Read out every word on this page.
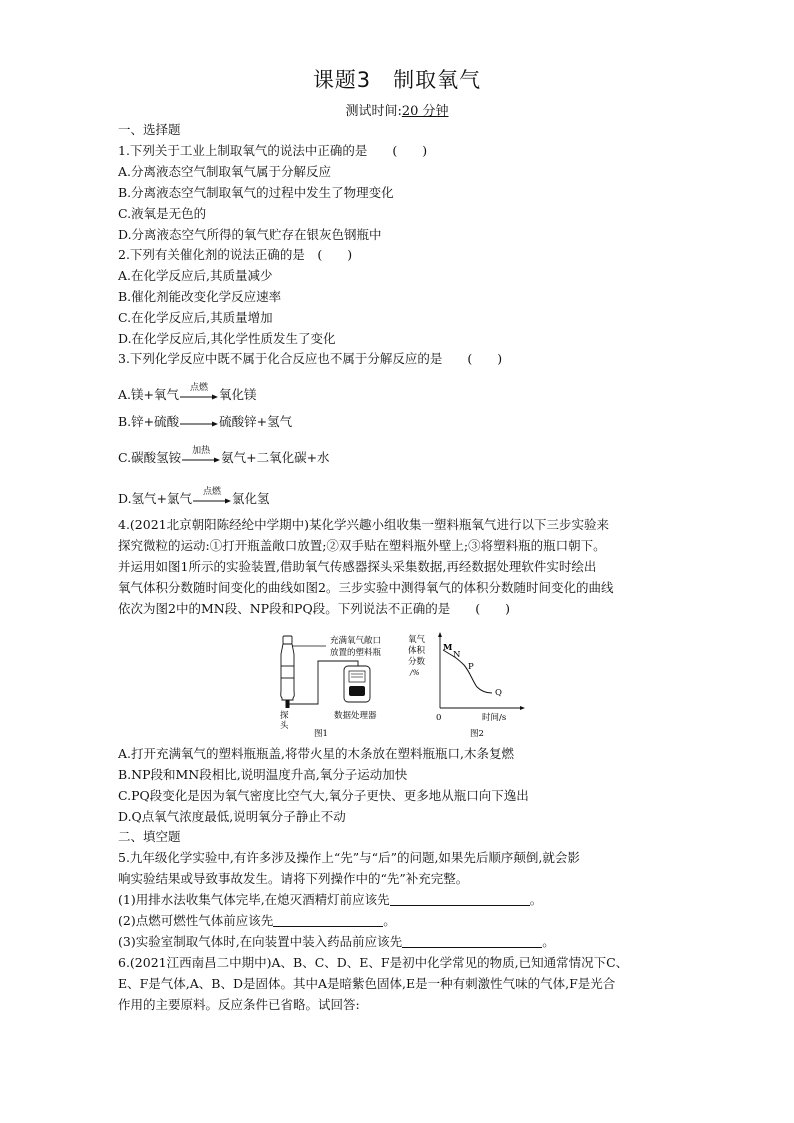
课题3　制取氧气
测试时间:20 分钟
一、选择题
1.下列关于工业上制取氧气的说法中正确的是　　(　　)
A.分离液态空气制取氧气属于分解反应
B.分离液态空气制取氧气的过程中发生了物理变化
C.液氧是无色的
D.分离液态空气所得的氧气贮存在银灰色钢瓶中
2.下列有关催化剂的说法正确的是　(　　)
A.在化学反应后,其质量减少
B.催化剂能改变化学反应速率
C.在化学反应后,其质量增加
D.在化学反应后,其化学性质发生了变化
3.下列化学反应中既不属于化合反应也不属于分解反应的是　　(　　)
A.镁+氧气	点燃 氧化镁
B.锌+硫酸→硫酸锌+氢气
C.碳酸氢铵	加热 氨气+二氧化碳+水
D.氢气+氯气	点燃 氯化氢
4.(2021北京朝阳陈经纶中学期中)某化学兴趣小组收集一塑料瓶氧气进行以下三步实验来
探究微粒的运动:①打开瓶盖敞口放置;②双手贴在塑料瓶外壁上;③将塑料瓶的瓶口朝下。
并运用如图1所示的实验装置,借助氧气传感器探头采集数据,再经数据处理软件实时绘出
氧气体积分数随时间变化的曲线如图2。三步实验中测得氧气的体积分数随时间变化的曲线
依次为图2中的MN段、NP段和PQ段。下列说法不正确的是　　(　　)
充满氧气敞口
放置的塑料瓶
探
头
数据处理器
图1
氧气
体积
分数
/%
M
N
P
Q
0	时间/s
图2
A.打开充满氧气的塑料瓶瓶盖,将带火星的木条放在塑料瓶瓶口,木条复燃
B.NP段和MN段相比,说明温度升高,氧分子运动加快
C.PQ段变化是因为氧气密度比空气大,氧分子更快、更多地从瓶口向下逸出
D.Q点氧气浓度最低,说明氧分子静止不动
二、填空题
5.九年级化学实验中,有许多涉及操作上“先”与“后”的问题,如果先后顺序颠倒,就会影
响实验结果或导致事故发生。请将下列操作中的“先”补充完整。
(1)用排水法收集气体完毕,在熄灭酒精灯前应该先	。
(2)点燃可燃性气体前应该先	。
(3)实验室制取气体时,在向装置中装入药品前应该先	。
6.(2021江西南昌二中期中)A、B、C、D、E、F是初中化学常见的物质,已知通常情况下C、
E、F是气体,A、B、D是固体。其中A是暗紫色固体,E是一种有刺激性气味的气体,F是光合
作用的主要原料。反应条件已省略。试回答:
